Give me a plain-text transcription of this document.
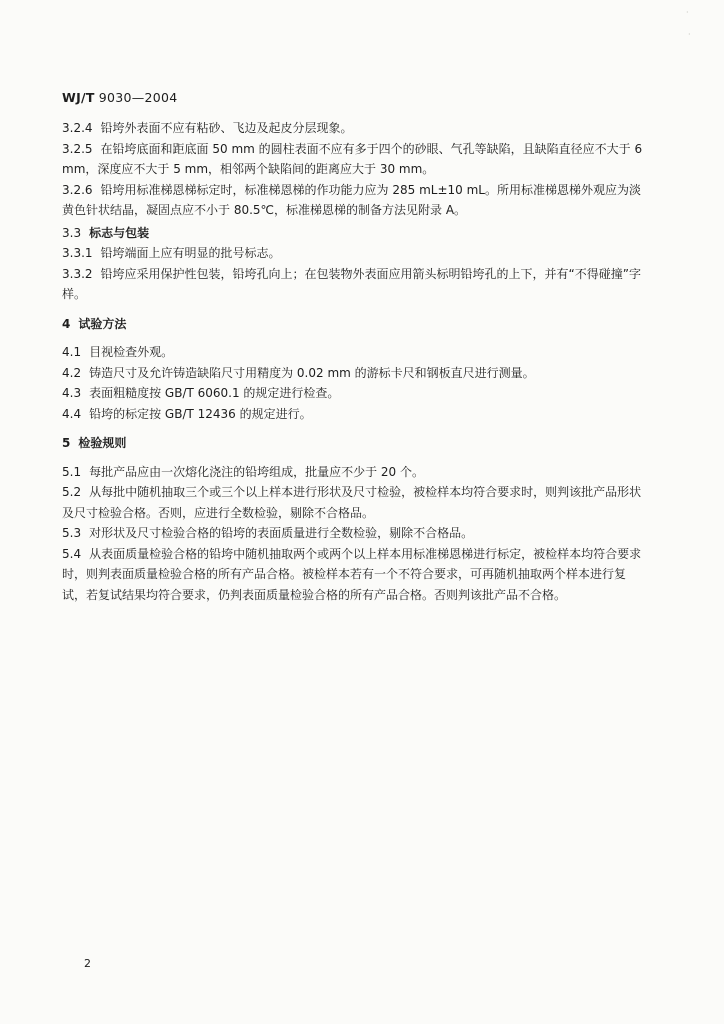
·
·
WJ/T 9030—2004

3.2.4 铅垮外表面不应有粘砂、飞边及起皮分层现象。

3.2.5 在铅垮底面和距底面 50 mm 的圆柱表面不应有多于四个的砂眼、气孔等缺陷，且缺陷直径应不大于 6 mm，深度应不大于 5 mm，相邻两个缺陷间的距离应大于 30 mm。

3.2.6 铅垮用标准梯恩梯标定时，标准梯恩梯的作功能力应为 285 mL±10 mL。所用标准梯恩梯外观应为淡黄色针状结晶，凝固点应不小于 80.5℃，标准梯恩梯的制备方法见附录 A。

3.3 标志与包装

3.3.1 铅垮端面上应有明显的批号标志。

3.3.2 铅垮应采用保护性包装，铅垮孔向上；在包装物外表面应用箭头标明铅垮孔的上下，并有“不得碰撞”字样。

4 试验方法

4.1 目视检查外观。

4.2 铸造尺寸及允许铸造缺陷尺寸用精度为 0.02 mm 的游标卡尺和钢板直尺进行测量。

4.3 表面粗糙度按 GB/T 6060.1 的规定进行检查。

4.4 铅垮的标定按 GB/T 12436 的规定进行。

5 检验规则

5.1 每批产品应由一次熔化浇注的铅垮组成，批量应不少于 20 个。

5.2 从每批中随机抽取三个或三个以上样本进行形状及尺寸检验，被检样本均符合要求时，则判该批产品形状及尺寸检验合格。否则，应进行全数检验，剔除不合格品。

5.3 对形状及尺寸检验合格的铅垮的表面质量进行全数检验，剔除不合格品。

5.4 从表面质量检验合格的铅垮中随机抽取两个或两个以上样本用标准梯恩梯进行标定，被检样本均符合要求时，则判表面质量检验合格的所有产品合格。被检样本若有一个不符合要求，可再随机抽取两个样本进行复试，若复试结果均符合要求，仍判表面质量检验合格的所有产品合格。否则判该批产品不合格。

2
